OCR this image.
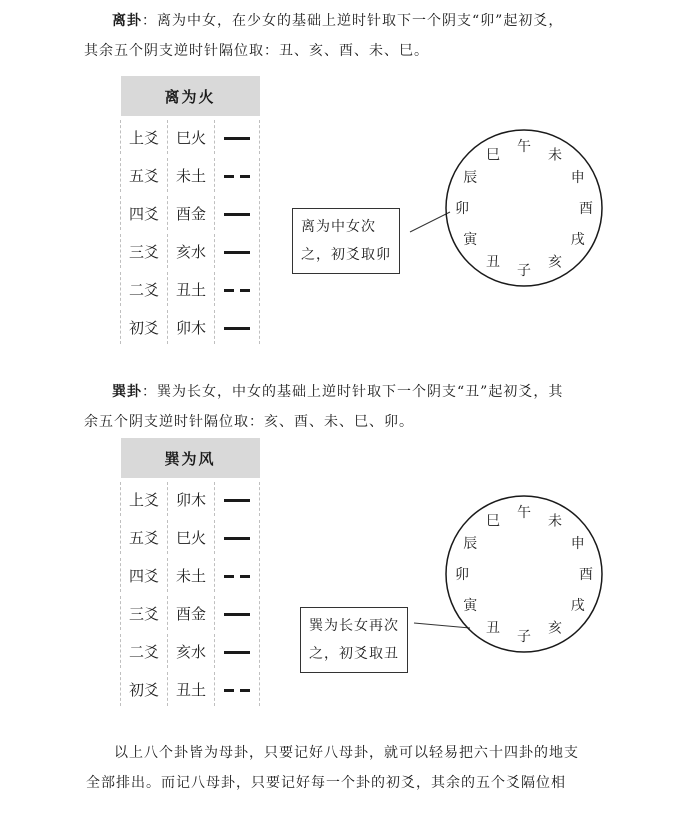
离卦：离为中女，在少女的基础上逆时针取下一个阴支“卯”起初爻，
其余五个阴支逆时针隔位取：丑、亥、酉、未、巳。

离为火		
上爻	巳火	

五爻	未土	

四爻	酉金	

三爻	亥水	

二爻	丑土	

初爻	卯木	
离为中女次
之，初爻取卯
午
未
申
酉
戌
亥
子
丑
寅
卯
辰
巳

巽卦：巽为长女，中女的基础上逆时针取下一个阴支“丑”起初爻，其
余五个阴支逆时针隔位取：亥、酉、未、巳、卯。

巽为风		
上爻	卯木	

五爻	巳火	

四爻	未土	

三爻	酉金	

二爻	亥水	

初爻	丑土	
巽为长女再次
之，初爻取丑
午
未
申
酉
戌
亥
子
丑
寅
卯
辰
巳

以上八个卦皆为母卦，只要记好八母卦，就可以轻易把六十四卦的地支
全部排出。而记八母卦，只要记好每一个卦的初爻，其余的五个爻隔位相
